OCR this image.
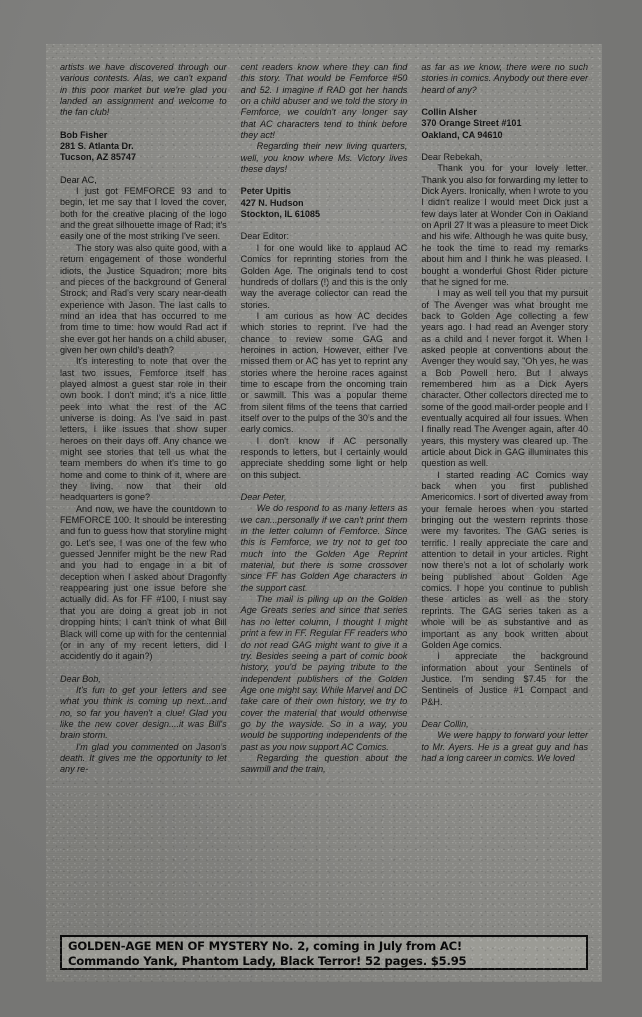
artists we have discovered through our various contests. Alas, we can't expand in this poor market but we're glad you landed an assignment and welcome to the fan club!

Bob Fisher

281 S. Atlanta Dr.

Tucson, AZ 85747

Dear AC,

I just got FEMFORCE 93 and to begin, let me say that I loved the cover, both for the creative placing of the logo and the great silhouette image of Rad; it's easily one of the most striking I've seen.

The story was also quite good, with a return engagement of those wonderful idiots, the Justice Squadron; more bits and pieces of the background of General Strock; and Rad's very scary near-death experience with Jason. The last calls to mind an idea that has occurred to me from time to time: how would Rad act if she ever got her hands on a child abuser, given her own child's death?

It's interesting to note that over the last two issues, Femforce itself has played almost a guest star role in their own book. I don't mind; it's a nice little peek into what the rest of the AC universe is doing. As I've said in past letters, I like issues that show super heroes on their days off. Any chance we might see stories that tell us what the team members do when it's time to go home and come to think of it, where are they living, now that their old headquarters is gone?

And now, we have the countdown to FEMFORCE 100. It should be interesting and fun to guess how that storyline might go. Let's see, I was one of the few who guessed Jennifer might be the new Rad and you had to engage in a bit of deception when I asked about Dragonfly reappearing just one issue before she actually did. As for FF #100, I must say that you are doing a great job in not dropping hints; I can't think of what Bill Black will come up with for the centennial (or in any of my recent letters, did I accidently do it again?)

Dear Bob,

It's fun to get your letters and see what you think is coming up next...and no, so far you haven't a clue! Glad you like the new cover design....it was Bill's brain storm.

I'm glad you commented on Jason's death. It gives me the opportunity to let any re-

cent readers know where they can find this story. That would be Femforce #50 and 52. I imagine if RAD got her hands on a child abuser and we told the story in Femforce, we couldn't any longer say that AC characters tend to think before they act!

Regarding their new living quarters, well, you know where Ms. Victory lives these days!

Peter Upitis

427 N. Hudson

Stockton, IL 61085

Dear Editor:

I for one would like to applaud AC Comics for reprinting stories from the Golden Age. The originals tend to cost hundreds of dollars (!) and this is the only way the average collector can read the stories.

I am curious as how AC decides which stories to reprint. I've had the chance to review some GAG and heroines in action. However, either I've missed them or AC has yet to reprint any stories where the heroine races against time to escape from the oncoming train or sawmill. This was a popular theme from silent films of the teens that carried itself over to the pulps of the 30's and the early comics.

I don't know if AC personally responds to letters, but I certainly would appreciate shedding some light or help on this subject.

Dear Peter,

We do respond to as many letters as we can...personally if we can't print them in the letter column of Femforce. Since this is Femforce, we try not to get too much into the Golden Age Reprint material, but there is some crossover since FF has Golden Age characters in the support cast.

The mail is piling up on the Golden Age Greats series and since that series has no letter column, I thought I might print a few in FF. Regular FF readers who do not read GAG might want to give it a try. Besides seeing a part of comic book history, you'd be paying tribute to the independent publishers of the Golden Age one might say. While Marvel and DC take care of their own history, we try to cover the material that would otherwise go by the wayside. So in a way, you would be supporting independents of the past as you now support AC Comics.

Regarding the question about the sawmill and the train,

as far as we know, there were no such stories in comics. Anybody out there ever heard of any?

Collin Alsher

370 Orange Street #101

Oakland, CA 94610

Dear Rebekah,

Thank you for your lovely letter. Thank you also for forwarding my letter to Dick Ayers. Ironically, when I wrote to you I didn't realize I would meet Dick just a few days later at Wonder Con in Oakland on April 27 It was a pleasure to meet Dick and his wife. Although he was quite busy, he took the time to read my remarks about him and I think he was pleased. I bought a wonderful Ghost Rider picture that he signed for me.

I may as well tell you that my pursuit of The Avenger was what brought me back to Golden Age collecting a few years ago. I had read an Avenger story as a child and I never forgot it. When I asked people at conventions about the Avenger they would say, "Oh yes, he was a Bob Powell hero. But I always remembered him as a Dick Ayers character. Other collectors directed me to some of the good mail-order people and I eventually acquired all four issues. When I finally read The Avenger again, after 40 years, this mystery was cleared up. The article about Dick in GAG illuminates this question as well.

I started reading AC Comics way back when you first published Americomics. I sort of diverted away from your female heroes when you started bringing out the western reprints those were my favorites. The GAG series is terrific. I really appreciate the care and attention to detail in your articles. Right now there's not a lot of scholarly work being published about Golden Age comics. I hope you continue to publish these articles as well as the story reprints. The GAG series taken as a whole will be as substantive and as important as any book written about Golden Age comics.

I appreciate the background information about your Sentinels of Justice. I'm sending $7.45 for the Sentinels of Justice #1 Compact and P&H.

Dear Collin,

We were happy to forward your letter to Mr. Ayers. He is a great guy and has had a long career in comics. We loved

GOLDEN-AGE MEN OF MYSTERY No. 2, coming in July from AC!
Commando Yank, Phantom Lady, Black Terror! 52 pages. $5.95
